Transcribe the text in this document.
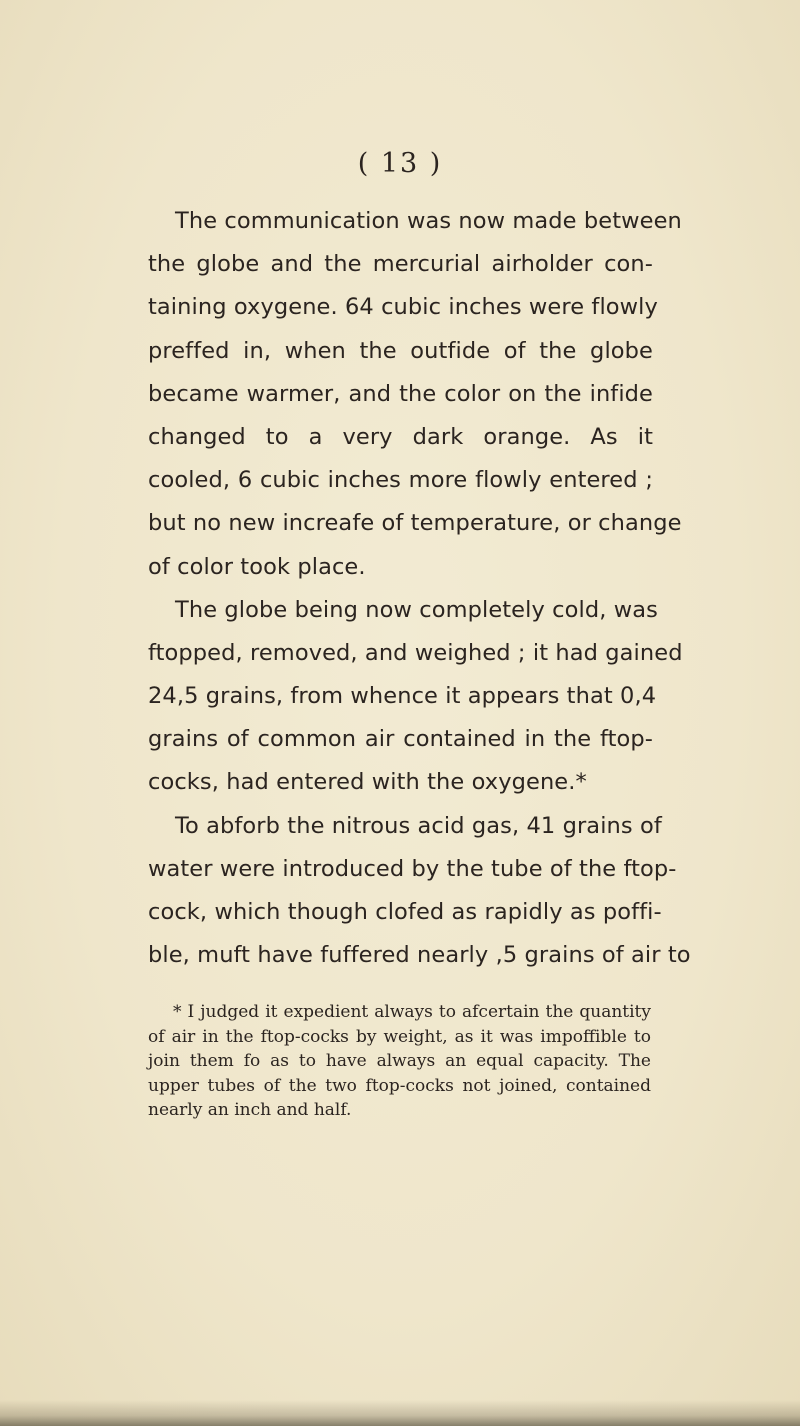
( 13 )
The communication was now made between
the globe and the mercurial airholder con-
taining oxygene. 64 cubic inches were flowly
preffed in, when the outfide of the globe
became warmer, and the color on the infide
changed to a very dark orange. As it
cooled, 6 cubic inches more flowly entered ;
but no new increafe of temperature, or change
of color took place.
The globe being now completely cold, was
ftopped, removed, and weighed ; it had gained
24,5 grains, from whence it appears that 0,4
grains of common air contained in the ftop-
cocks, had entered with the oxygene.*
To abforb the nitrous acid gas, 41 grains of
water were introduced by the tube of the ftop-
cock, which though clofed as rapidly as poffi-
ble, muft have fuffered nearly ,5 grains of air to
* I judged it expedient always to afcertain the quantity
of air in the ftop-cocks by weight, as it was impoffible to
join them fo as to have always an equal capacity. The
upper tubes of the two ftop-cocks not joined, contained
nearly an inch and half.
